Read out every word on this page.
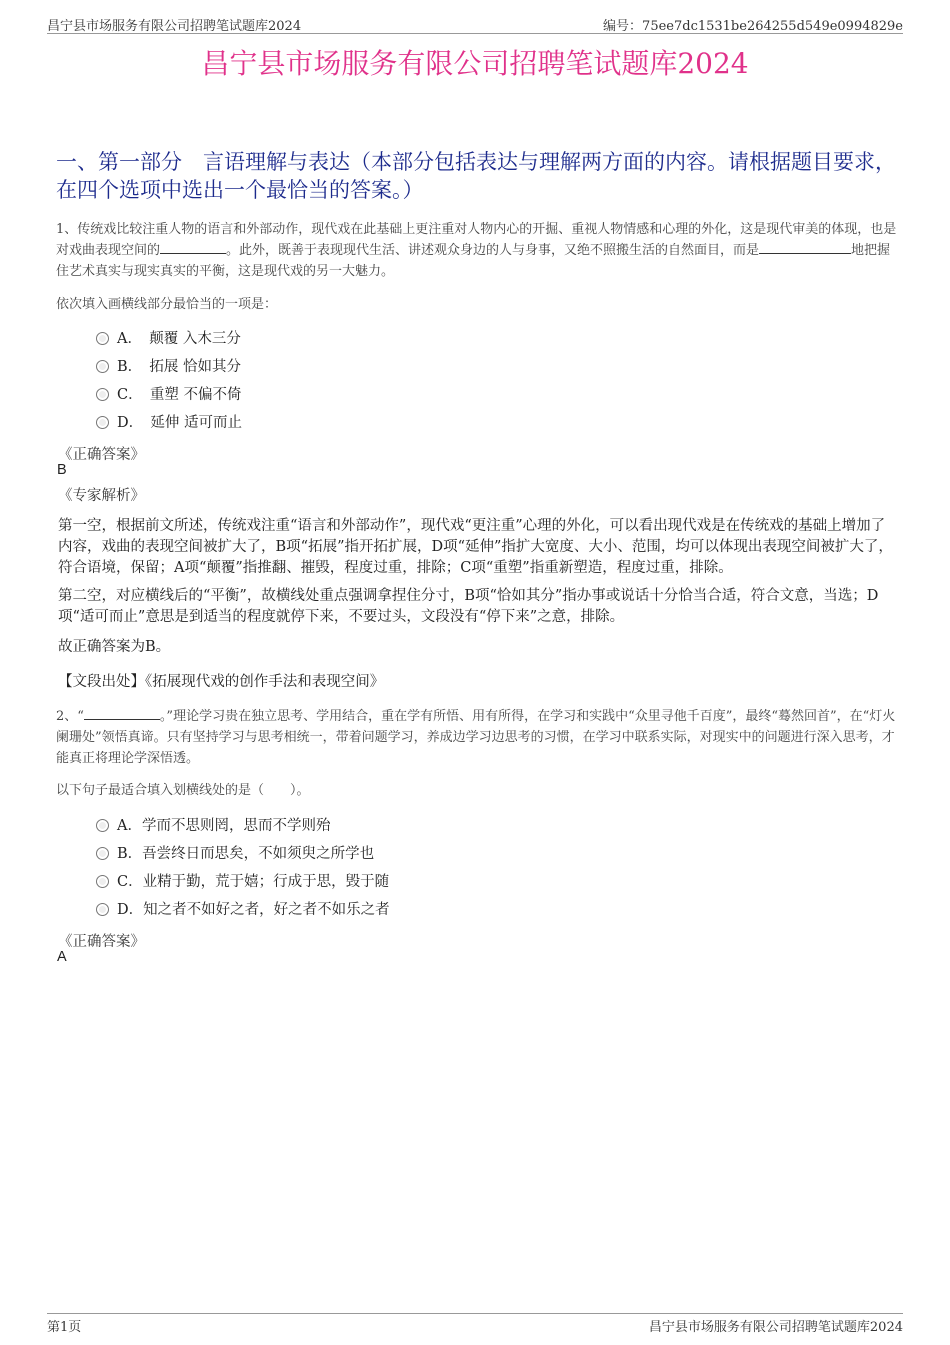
昌宁县市场服务有限公司招聘笔试题库2024	编号：75ee7dc1531be264255d549e0994829e
昌宁县市场服务有限公司招聘笔试题库2024
一、第一部分　言语理解与表达（本部分包括表达与理解两方面的内容。请根据题目要求，在四个选项中选出一个最恰当的答案。）
1、传统戏比较注重人物的语言和外部动作，现代戏在此基础上更注重对人物内心的开掘、重视人物情感和心理的外化，这是现代审美的体现，也是对戏曲表现空间的	。此外，既善于表现现代生活、讲述观众身边的人与身事，又绝不照搬生活的自然面目，而是	地把握住艺术真实与现实真实的平衡，这是现代戏的另一大魅力。
依次填入画横线部分最恰当的一项是：
A．　颠覆 入木三分
B．　拓展 恰如其分
C．　重塑 不偏不倚
D．　延伸 适可而止
《正确答案》
B
《专家解析》
第一空，根据前文所述，传统戏注重“语言和外部动作”，现代戏“更注重”心理的外化，可以看出现代戏是在传统戏的基础上增加了内容，戏曲的表现空间被扩大了，B项“拓展”指开拓扩展，D项“延伸”指扩大宽度、大小、范围，均可以体现出表现空间被扩大了，符合语境，保留；A项“颠覆”指推翻、摧毁，程度过重，排除；C项“重塑”指重新塑造，程度过重，排除。
第二空，对应横线后的“平衡”，故横线处重点强调拿捏住分寸，B项“恰如其分”指办事或说话十分恰当合适，符合文意，当选；D项“适可而止”意思是到适当的程度就停下来，不要过头，文段没有“停下来”之意，排除。
故正确答案为B。
【文段出处】《拓展现代戏的创作手法和表现空间》
2、“	。”理论学习贵在独立思考、学用结合，重在学有所悟、用有所得，在学习和实践中“众里寻他千百度”，最终“蓦然回首”，在“灯火阑珊处”领悟真谛。只有坚持学习与思考相统一，带着问题学习，养成边学习边思考的习惯，在学习中联系实际，对现实中的问题进行深入思考，才能真正将理论学深悟透。
以下句子最适合填入划横线处的是（　　）。
A．学而不思则罔，思而不学则殆
B．吾尝终日而思矣，不如须臾之所学也
C．业精于勤，荒于嬉；行成于思，毁于随
D．知之者不如好之者，好之者不如乐之者
《正确答案》
A
第1页	昌宁县市场服务有限公司招聘笔试题库2024
